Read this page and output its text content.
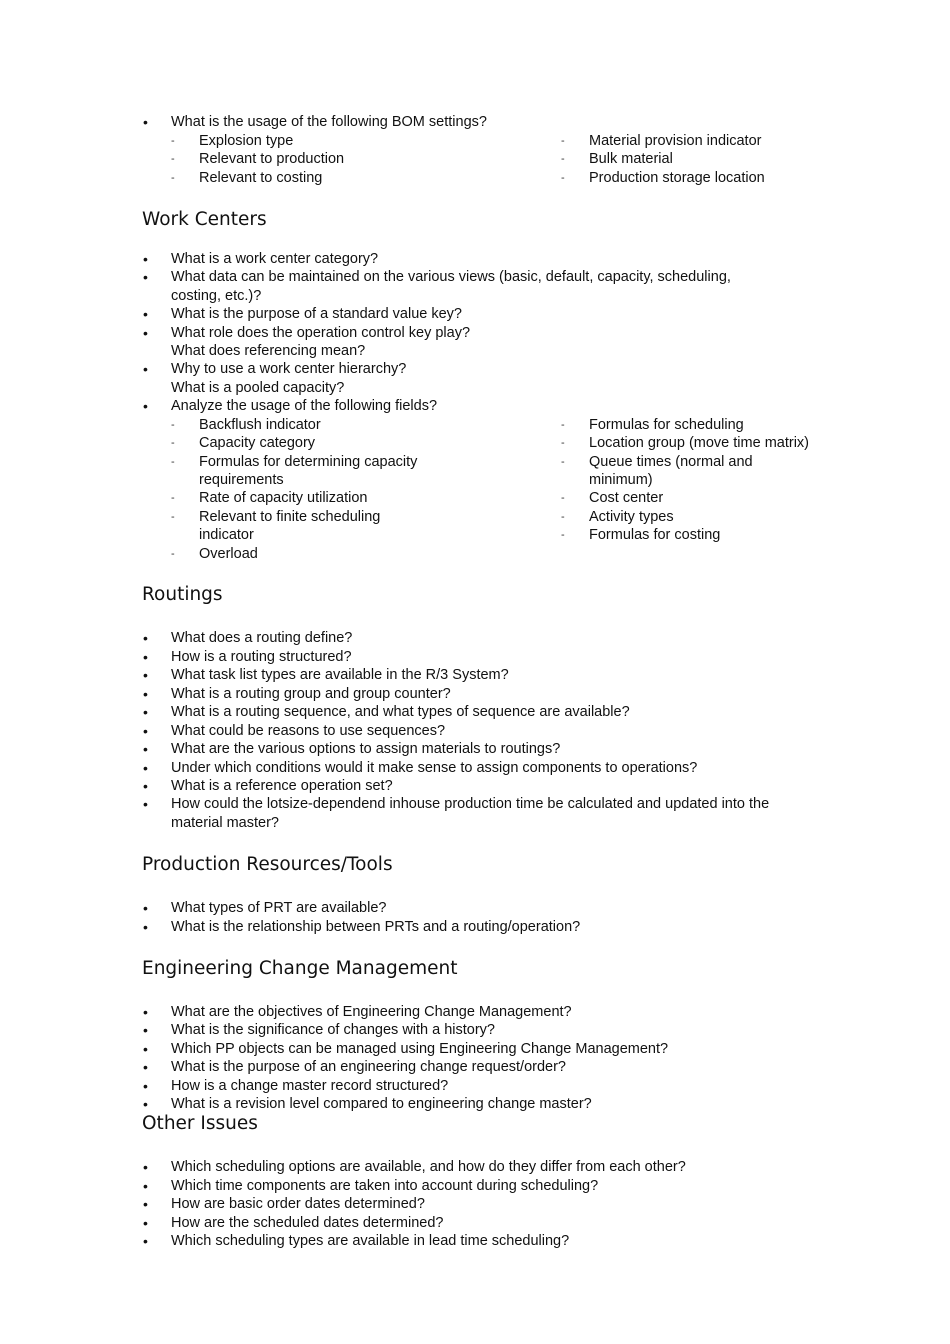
• What is the usage of the following BOM settings?
- Explosion type
- Relevant to production
- Relevant to costing
- Material provision indicator
- Bulk material
- Production storage location
Work Centers
• What is a work center category?
• What data can be maintained on the various views (basic, default, capacity, scheduling,
costing, etc.)?
• What is the purpose of a standard value key?
• What role does the operation control key play?
What does referencing mean?
• Why to use a work center hierarchy?
What is a pooled capacity?
• Analyze the usage of the following fields?
- Backflush indicator
- Capacity category
- Formulas for determining capacity
requirements
- Rate of capacity utilization
- Relevant to finite scheduling
indicator
- Overload
- Formulas for scheduling
- Location group (move time matrix)
- Queue times (normal and
minimum)
- Cost center
- Activity types
- Formulas for costing
Routings
• What does a routing define?
• How is a routing structured?
• What task list types are available in the R/3 System?
• What is a routing group and group counter?
• What is a routing sequence, and what types of sequence are available?
• What could be reasons to use sequences?
• What are the various options to assign materials to routings?
• Under which conditions would it make sense to assign components to operations?
• What is a reference operation set?
• How could the lotsize-dependend inhouse production time be calculated and updated into the
material master?
Production Resources/Tools
• What types of PRT are available?
• What is the relationship between PRTs and a routing/operation?
Engineering Change Management
• What are the objectives of Engineering Change Management?
• What is the significance of changes with a history?
• Which PP objects can be managed using Engineering Change Management?
• What is the purpose of an engineering change request/order?
• How is a change master record structured?
• What is a revision level compared to engineering change master?
Other Issues
• Which scheduling options are available, and how do they differ from each other?
• Which time components are taken into account during scheduling?
• How are basic order dates determined?
• How are the scheduled dates determined?
• Which scheduling types are available in lead time scheduling?
